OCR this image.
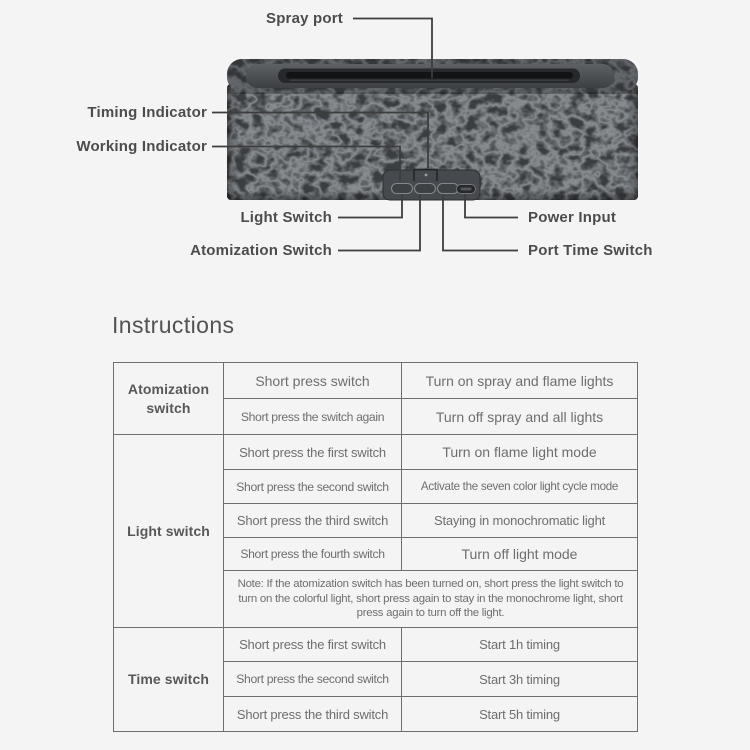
Spray port
Timing Indicator
Working Indicator
Light Switch
Atomization Switch
Power Input
Port Time Switch
Instructions
Atomization switch	Short press switch	Turn on spray and flame lights
	Short press the switch again	Turn off spray and all lights
Light switch	Short press the first switch	Turn on flame light mode
	Short press the second switch	Activate the seven color light cycle mode
	Short press the third switch	Staying in monochromatic light
	Short press the fourth switch	Turn off light mode
	Note: If the atomization switch has been turned on, short press the light switch to turn on the colorful light, short press again to stay in the monochrome light, short press again to turn off the light.	
Time switch	Short press the first switch	Start 1h timing
	Short press the second switch	Start 3h timing
	Short press the third switch	Start 5h timing
